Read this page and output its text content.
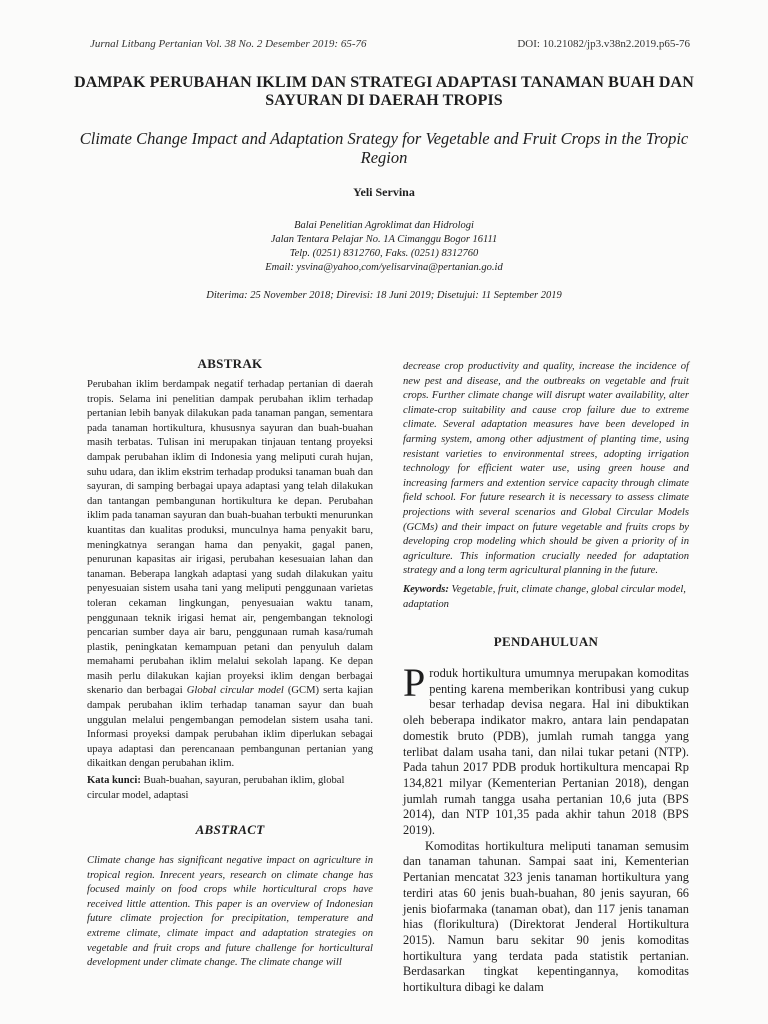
Jurnal Litbang Pertanian Vol. 38 No. 2 Desember 2019: 65-76	DOI: 10.21082/jp3.v38n2.2019.p65-76
DAMPAK PERUBAHAN IKLIM DAN STRATEGI ADAPTASI TANAMAN BUAH DAN SAYURAN DI DAERAH TROPIS
Climate Change Impact and Adaptation Srategy for Vegetable and Fruit Crops in the Tropic Region
Yeli Servina
Balai Penelitian Agroklimat dan Hidrologi
Jalan Tentara Pelajar No. 1A Cimanggu Bogor 16111
Telp. (0251) 8312760, Faks. (0251) 8312760
Email: ysvina@yahoo,com/yelisarvina@pertanian.go.id
Diterima: 25 November 2018; Direvisi: 18 Juni 2019; Disetujui: 11 September 2019
ABSTRAK

Perubahan iklim berdampak negatif terhadap pertanian di daerah tropis. Selama ini penelitian dampak perubahan iklim terhadap pertanian lebih banyak dilakukan pada tanaman pangan, sementara pada tanaman hortikultura, khususnya sayuran dan buah-buahan masih terbatas. Tulisan ini merupakan tinjauan tentang proyeksi dampak perubahan iklim di Indonesia yang meliputi curah hujan, suhu udara, dan iklim ekstrim terhadap produksi tanaman buah dan sayuran, di samping berbagai upaya adaptasi yang telah dilakukan dan tantangan pembangunan hortikultura ke depan. Perubahan iklim pada tanaman sayuran dan buah-buahan terbukti menurunkan kuantitas dan kualitas produksi, munculnya hama penyakit baru, meningkatnya serangan hama dan penyakit, gagal panen, penurunan kapasitas air irigasi, perubahan kesesuaian lahan dan tanaman. Beberapa langkah adaptasi yang sudah dilakukan yaitu penyesuaian sistem usaha tani yang meliputi penggunaan varietas toleran cekaman lingkungan, penyesuaian waktu tanam, penggunaan teknik irigasi hemat air, pengembangan teknologi pencarian sumber daya air baru, penggunaan rumah kasa/rumah plastik, peningkatan kemampuan petani dan penyuluh dalam memahami perubahan iklim melalui sekolah lapang. Ke depan masih perlu dilakukan kajian proyeksi iklim dengan berbagai skenario dan berbagai Global circular model (GCM) serta kajian dampak perubahan iklim terhadap tanaman sayur dan buah unggulan melalui pengembangan pemodelan sistem usaha tani. Informasi proyeksi dampak perubahan iklim diperlukan sebagai upaya adaptasi dan perencanaan pembangunan pertanian yang dikaitkan dengan perubahan iklim.

Kata kunci: Buah-buahan, sayuran, perubahan iklim, global circular model, adaptasi

ABSTRACT

Climate change has significant negative impact on agriculture in tropical region. Inrecent years, research on climate change has focused mainly on food crops while horticultural crops have received little attention. This paper is an overview of Indonesian future climate projection for precipitation, temperature and extreme climate, climate impact and adaptation strategies on vegetable and fruit crops and future challenge for horticultural development under climate change. The climate change will

decrease crop productivity and quality, increase the incidence of new pest and disease, and the outbreaks on vegetable and fruit crops. Further climate change will disrupt water availability, alter climate-crop suitability and cause crop failure due to extreme climate. Several adaptation measures have been developed in farming system, among other adjustment of planting time, using resistant varieties to environmental strees, adopting irrigation technology for efficient water use, using green house and increasing farmers and extention service capacity through climate field school. For future research it is necessary to assess climate projections with several scenarios and Global Circular Models (GCMs) and their impact on future vegetable and fruits crops by developing crop modeling which should be given a priority of in agriculture. This information crucially needed for adaptation strategy and a long term agricultural planning in the future.

Keywords: Vegetable, fruit, climate change, global circular model, adaptation

PENDAHULUAN

Produk hortikultura umumnya merupakan komoditas penting karena memberikan kontribusi yang cukup besar terhadap devisa negara. Hal ini dibuktikan oleh beberapa indikator makro, antara lain pendapatan domestik bruto (PDB), jumlah rumah tangga yang terlibat dalam usaha tani, dan nilai tukar petani (NTP). Pada tahun 2017 PDB produk hortikultura mencapai Rp 134,821 milyar (Kementerian Pertanian 2018), dengan jumlah rumah tangga usaha pertanian 10,6 juta (BPS 2014), dan NTP 101,35 pada akhir tahun 2018 (BPS 2019).

Komoditas hortikultura meliputi tanaman semusim dan tanaman tahunan. Sampai saat ini, Kementerian Pertanian mencatat 323 jenis tanaman hortikultura yang terdiri atas 60 jenis buah-buahan, 80 jenis sayuran, 66 jenis biofarmaka (tanaman obat), dan 117 jenis tanaman hias (florikultura) (Direktorat Jenderal Hortikultura 2015). Namun baru sekitar 90 jenis komoditas hortikultura yang terdata pada statistik pertanian. Berdasarkan tingkat kepentingannya, komoditas hortikultura dibagi ke dalam
